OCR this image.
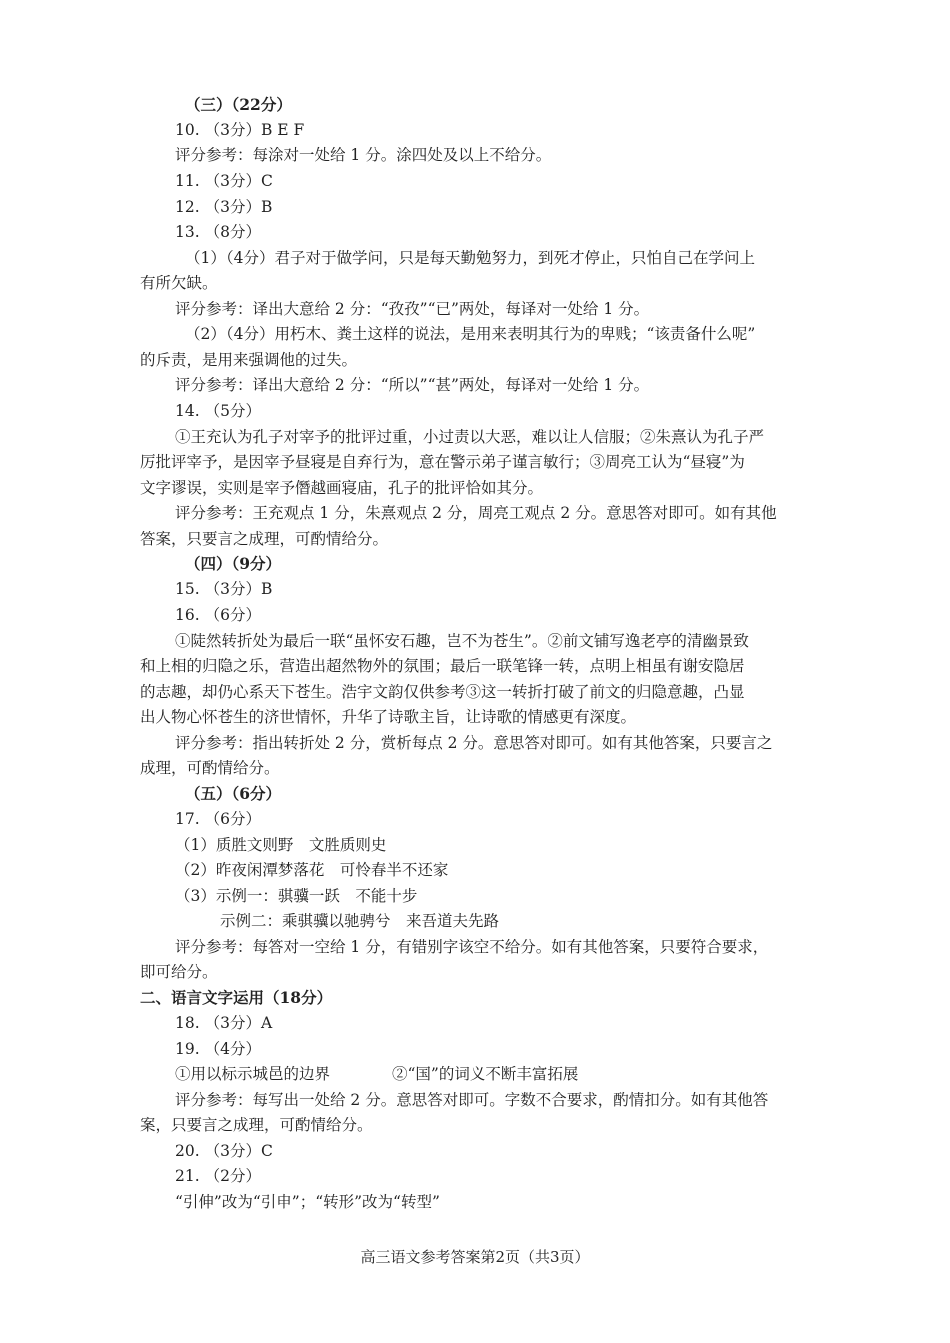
（三）（22分）
10. （3分）B E F
评分参考：每涂对一处给 1 分。涂四处及以上不给分。
11. （3分）C
12. （3分）B
13. （8分）
（1）（4分）君子对于做学问，只是每天勤勉努力，到死才停止，只怕自己在学问上
有所欠缺。
评分参考：译出大意给 2 分：“孜孜”“已”两处，每译对一处给 1 分。
（2）（4分）用朽木、粪土这样的说法，是用来表明其行为的卑贱；“该责备什么呢”
的斥责，是用来强调他的过失。
评分参考：译出大意给 2 分：“所以”“甚”两处，每译对一处给 1 分。
14. （5分）
①王充认为孔子对宰予的批评过重，小过责以大恶，难以让人信服；②朱熹认为孔子严
厉批评宰予，是因宰予昼寝是自弃行为，意在警示弟子谨言敏行；③周亮工认为“昼寝”为
文字谬误，实则是宰予僭越画寝庙，孔子的批评恰如其分。
评分参考：王充观点 1 分，朱熹观点 2 分，周亮工观点 2 分。意思答对即可。如有其他
答案，只要言之成理，可酌情给分。
（四）（9分）
15. （3分）B
16. （6分）
①陡然转折处为最后一联“虽怀安石趣，岂不为苍生”。②前文铺写逸老亭的清幽景致
和上相的归隐之乐，营造出超然物外的氛围；最后一联笔锋一转，点明上相虽有谢安隐居
的志趣，却仍心系天下苍生。浩宇文韵仅供参考③这一转折打破了前文的归隐意趣，凸显
出人物心怀苍生的济世情怀，升华了诗歌主旨，让诗歌的情感更有深度。
评分参考：指出转折处 2 分，赏析每点 2 分。意思答对即可。如有其他答案，只要言之
成理，可酌情给分。
（五）（6分）
17. （6分）
（1）质胜文则野　文胜质则史
（2）昨夜闲潭梦落花　可怜春半不还家
（3）示例一：骐骥一跃　不能十步
示例二：乘骐骥以驰骋兮　来吾道夫先路
评分参考：每答对一空给 1 分，有错别字该空不给分。如有其他答案，只要符合要求，
即可给分。
二、语言文字运用（18分）
18. （3分）A
19. （4分）
①用以标示城邑的边界　　　　②“国”的词义不断丰富拓展
评分参考：每写出一处给 2 分。意思答对即可。字数不合要求，酌情扣分。如有其他答
案，只要言之成理，可酌情给分。
20. （3分）C
21. （2分）
“引伸”改为“引申”；“转形”改为“转型”
高三语文参考答案第2页（共3页）
